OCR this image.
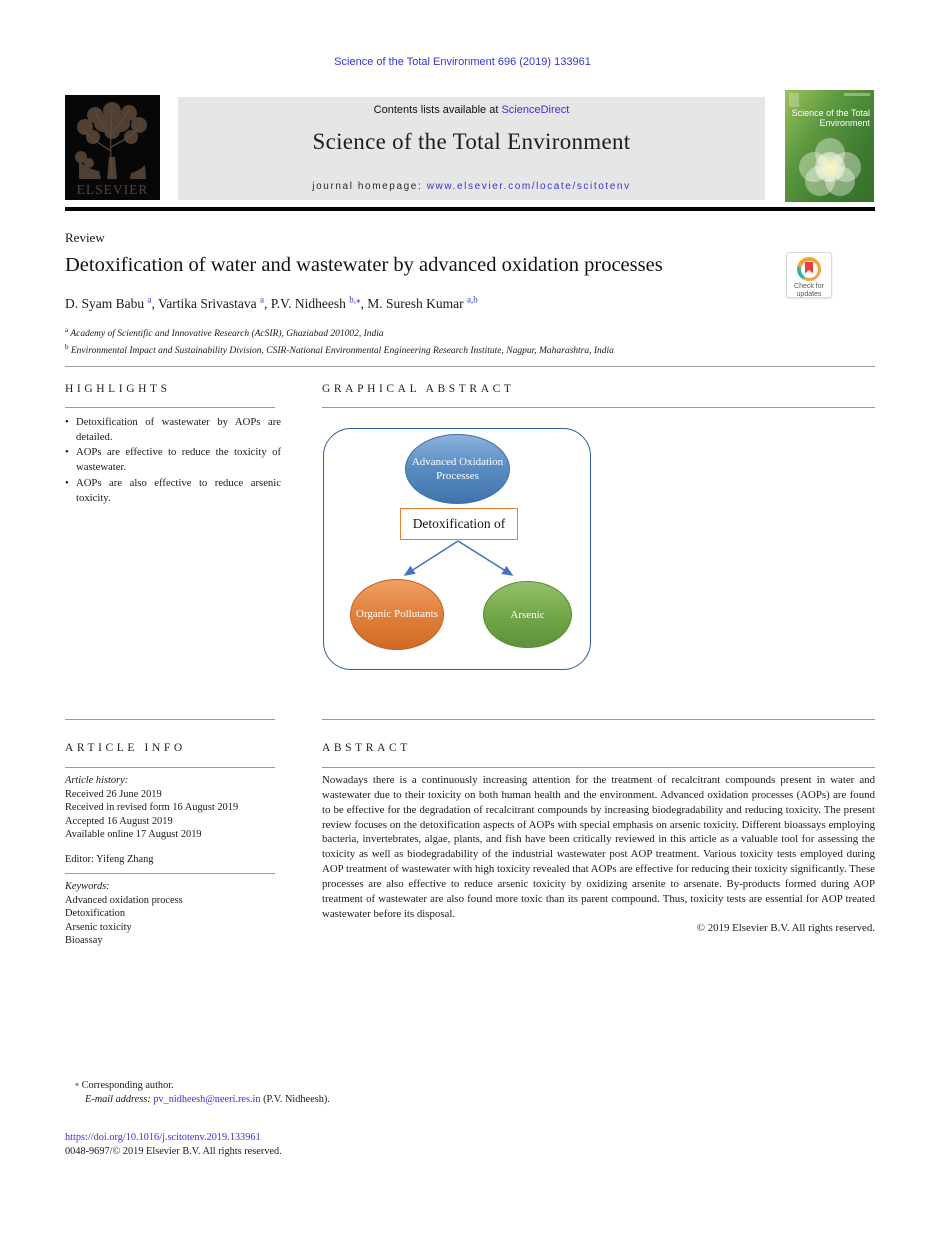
Science of the Total Environment 696 (2019) 133961
ELSEVIER
Contents lists available at ScienceDirect
Science of the Total Environment
journal homepage: www.elsevier.com/locate/scitotenv
Science of the Total Environment
Review
Detoxification of water and wastewater by advanced oxidation processes
Check for updates
D. Syam Babu $^a$, Vartika Srivastava $^a$, P.V. Nidheesh $^{b,⁎}$, M. Suresh Kumar $^{a,b}$
$^a$ Academy of Scientific and Innovative Research (AcSIR), Ghaziabad 201002, India
$^b$ Environmental Impact and Sustainability Division, CSIR-National Environmental Engineering Research Institute, Nagpur, Maharashtra, India
HIGHLIGHTS	GRAPHICAL ABSTRACT
• Detoxification of wastewater by AOPs are detailed.
• AOPs are effective to reduce the toxicity of wastewater.
• AOPs are also effective to reduce arsenic toxicity.
Advanced Oxidation Processes
Detoxification of
Organic Pollutants	Arsenic
ARTICLE INFO	ABSTRACT
Article history:
Received 26 June 2019
Received in revised form 16 August 2019
Accepted 16 August 2019
Available online 17 August 2019
Editor: Yifeng Zhang
Keywords:
Advanced oxidation process
Detoxification
Arsenic toxicity
Bioassay
Nowadays there is a continuously increasing attention for the treatment of recalcitrant compounds present in water and wastewater due to their toxicity on both human health and the environment. Advanced oxidation processes (AOPs) are found to be effective for the degradation of recalcitrant compounds by increasing biodegradability and reducing toxicity. The present review focuses on the detoxification aspects of AOPs with special emphasis on arsenic toxicity. Different bioassays employing bacteria, invertebrates, algae, plants, and fish have been critically reviewed in this article as a valuable tool for assessing the toxicity as well as biodegradability of the industrial wastewater post AOP treatment. Various toxicity tests employed during AOP treatment of wastewater with high toxicity revealed that AOPs are effective for reducing their toxicity significantly. These processes are also effective to reduce arsenic toxicity by oxidizing arsenite to arsenate. By-products formed during AOP treatment of wastewater are also found more toxic than its parent compound. Thus, toxicity tests are essential for AOP treated wastewater before its disposal.
© 2019 Elsevier B.V. All rights reserved.
⁎ Corresponding author.
E-mail address: pv_nidheesh@neeri.res.in (P.V. Nidheesh).
https://doi.org/10.1016/j.scitotenv.2019.133961
0048-9697/© 2019 Elsevier B.V. All rights reserved.
